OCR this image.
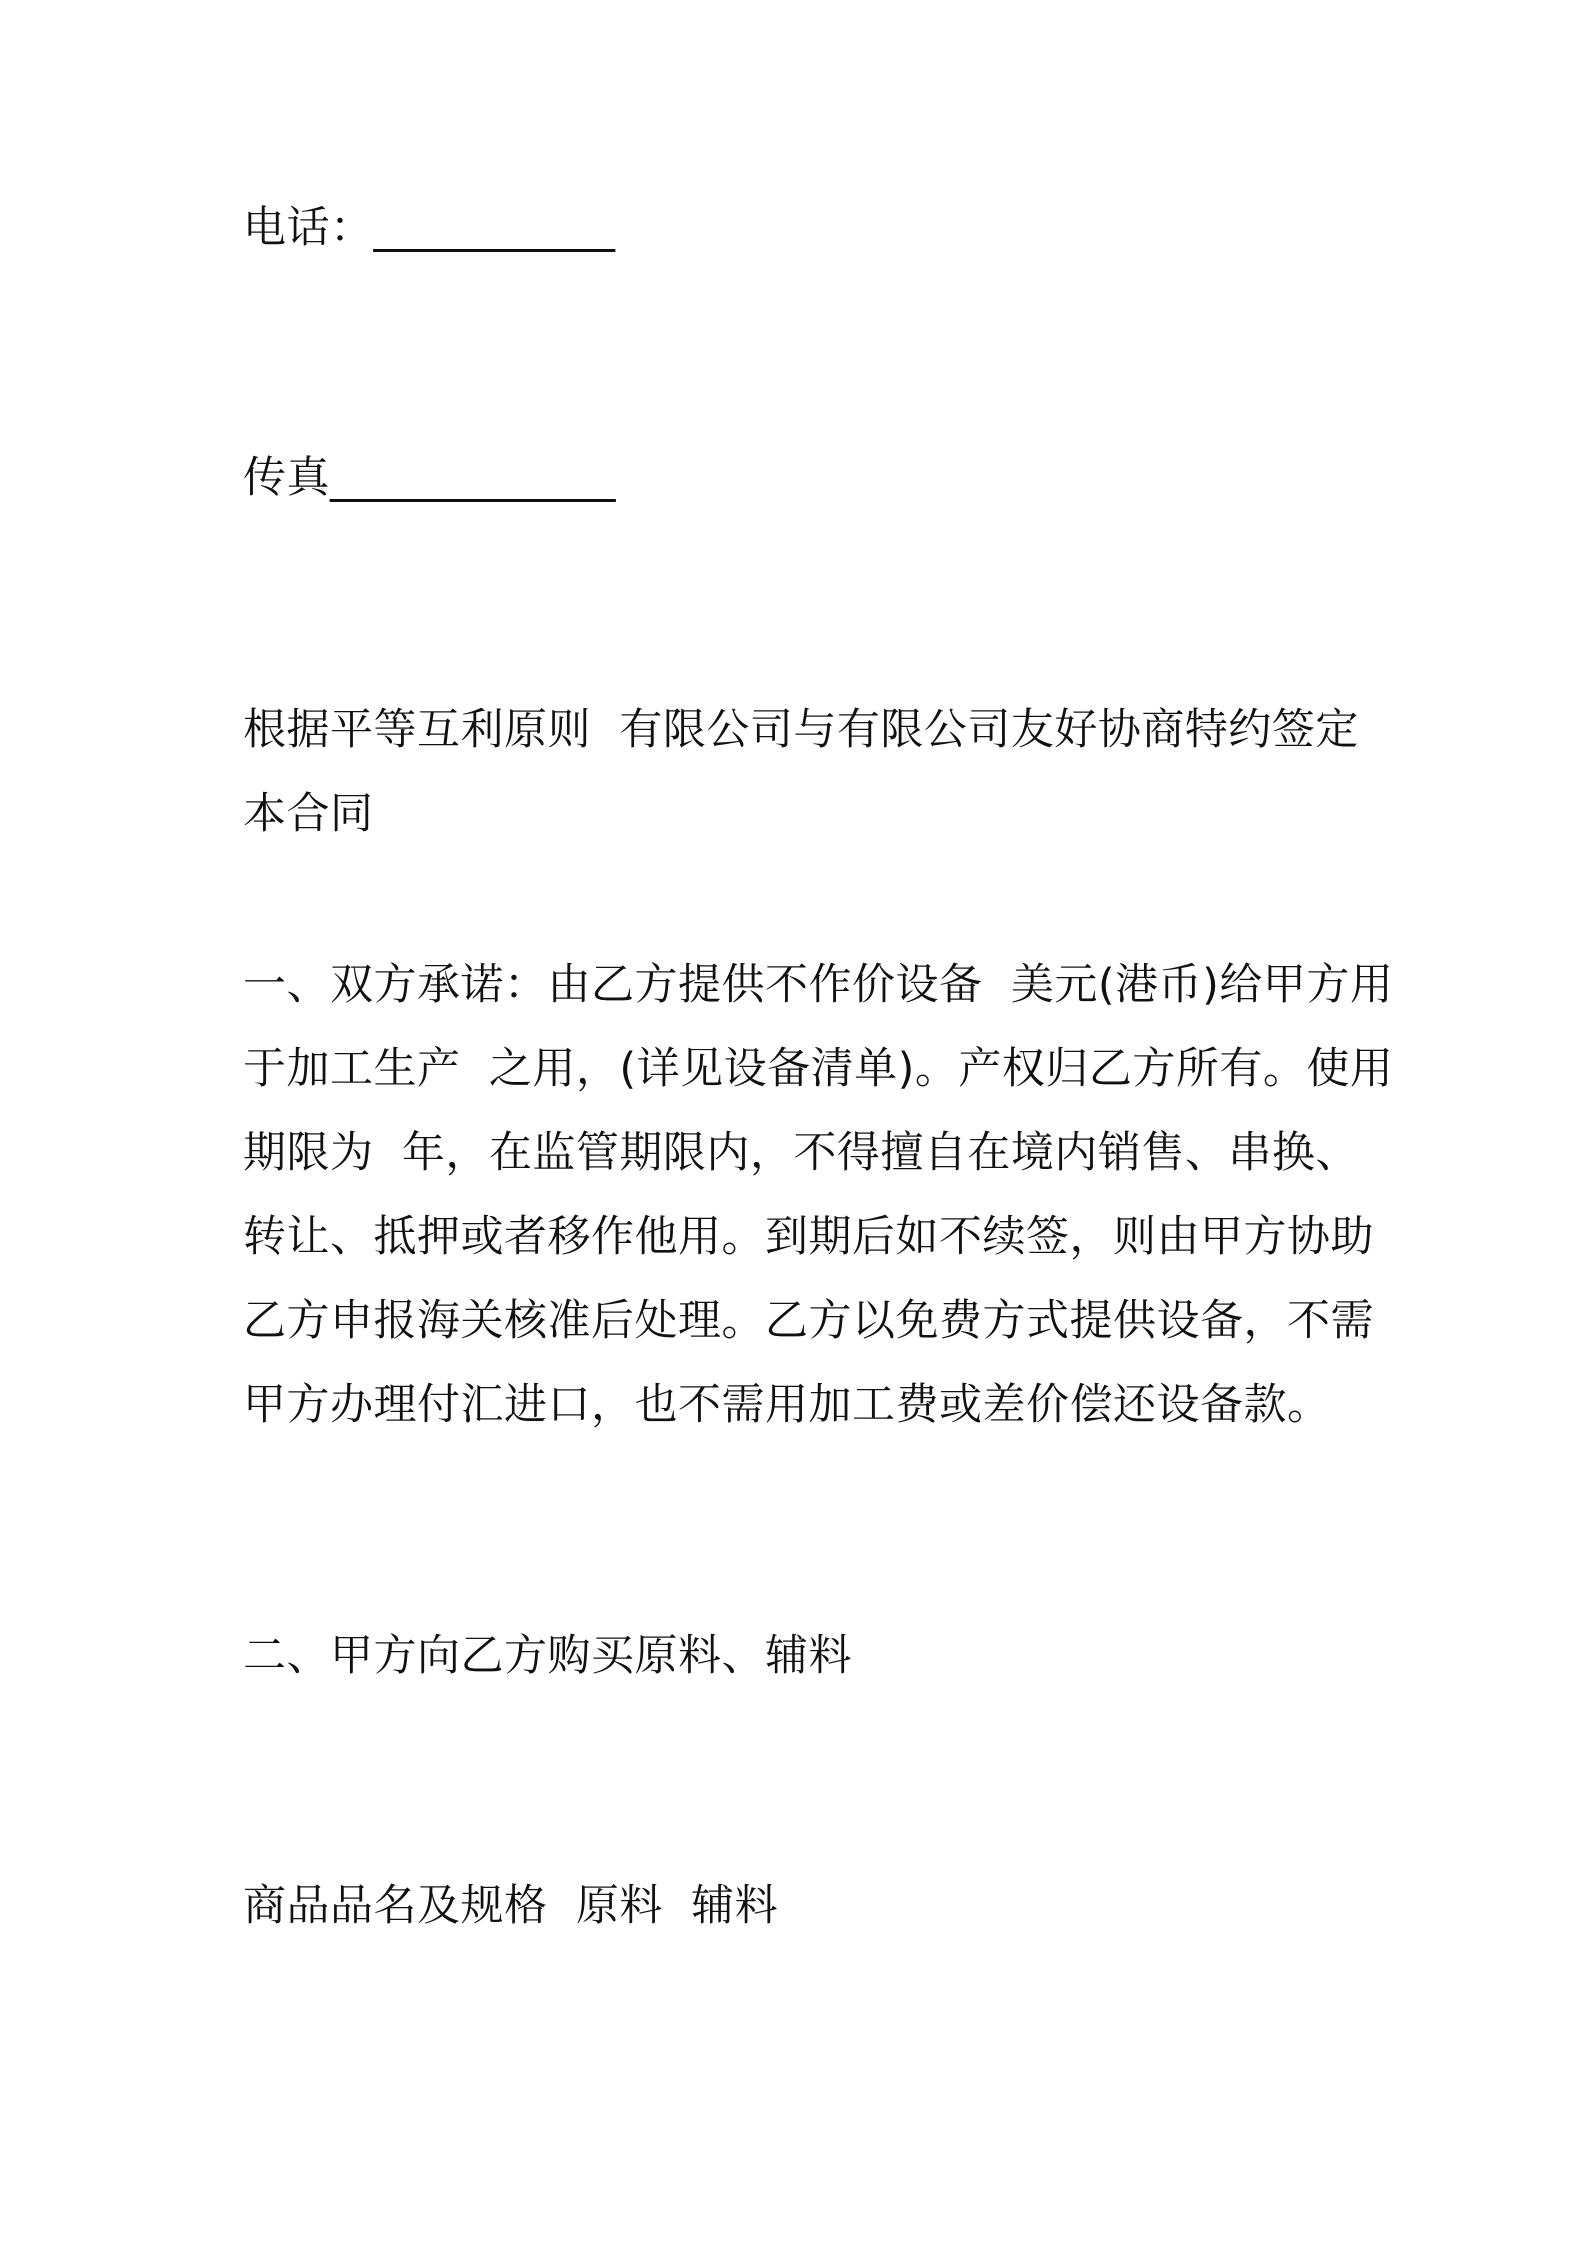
电话：___________
传真_____________
根据平等互利原则  有限公司与有限公司友好协商特约签定
本合同
一、双方承诺：由乙方提供不作价设备  美元(港币)给甲方用
于加工生产  之用，(详见设备清单)。产权归乙方所有。使用
期限为  年，在监管期限内，不得擅自在境内销售、串换、
转让、抵押或者移作他用。到期后如不续签，则由甲方协助
乙方申报海关核准后处理。乙方以免费方式提供设备，不需
甲方办理付汇进口，也不需用加工费或差价偿还设备款。
二、甲方向乙方购买原料、辅料
商品品名及规格  原料  辅料
